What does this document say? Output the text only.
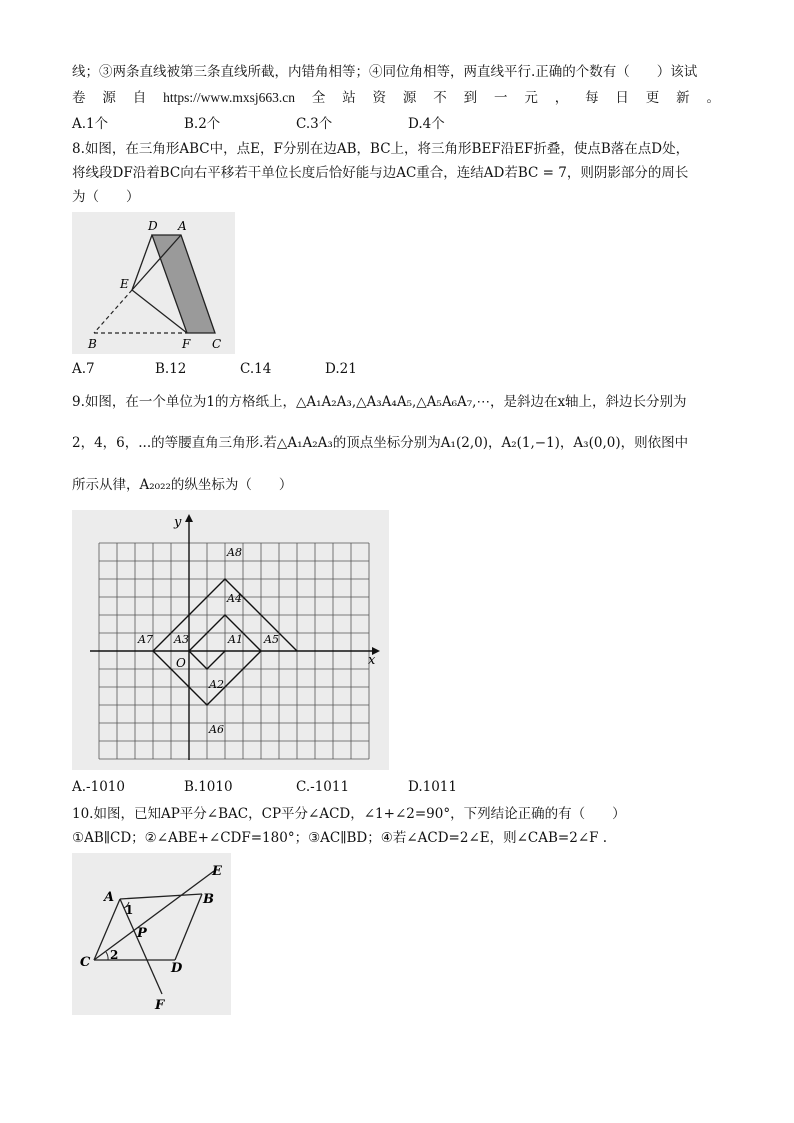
线；③两条直线被第三条直线所截，内错角相等；④同位角相等，两直线平行.正确的个数有（　　）该试
卷 源 自 https://www.mxsj663.cn 全 站 资 源 不 到 一 元 ， 每 日 更 新 。
A.1个	B.2个	C.3个	D.4个
8.如图，在三角形ABC中，点E，F分别在边AB，BC上，将三角形BEF沿EF折叠，使点B落在点D处，
将线段DF沿着BC向右平移若干单位长度后恰好能与边AC重合，连结AD若BC = 7，则阴影部分的周长
为（　　）
D A
E
B	F C
A.7	B.12	C.14	D.21
9.如图，在一个单位为1的方格纸上，△A₁A₂A₃,△A₃A₄A₅,△A₅A₆A₇,⋯，是斜边在x轴上，斜边长分别为
2，4，6，...的等腰直角三角形.若△A₁A₂A₃的顶点坐标分别为A₁(2,0)，A₂(1,−1)，A₃(0,0)，则依图中
所示从律，A₂₀₂₂的纵坐标为（　　）
y
x
O
A8
A4
A7 A3	A1 A5
A2
A6
A.-1010	B.1010	C.-1011	D.1011
10.如图，已知AP平分∠BAC，CP平分∠ACD，∠1+∠2=90°，下列结论正确的有（　　）
①AB∥CD；②∠ABE+∠CDF=180°；③AC∥BD；④若∠ACD=2∠E，则∠CAB=2∠F .
A
1
E
B
P
C 2
D
F
